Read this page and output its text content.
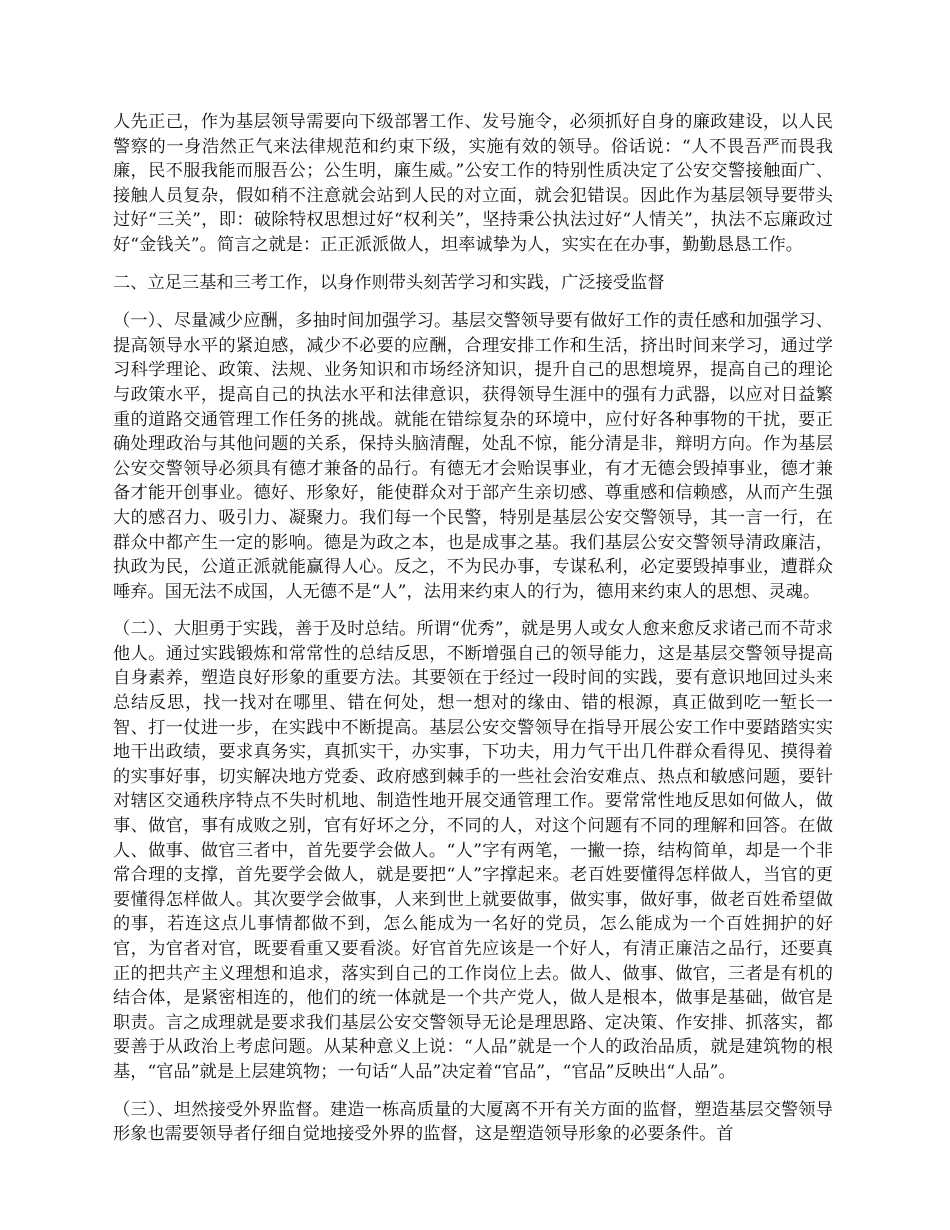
人先正己，作为基层领导需要向下级部署工作、发号施令，必须抓好自身的廉政建设，以人民警察的一身浩然正气来法律规范和约束下级，实施有效的领导。俗话说：“人不畏吾严而畏我廉，民不服我能而服吾公；公生明，廉生威。”公安工作的特别性质决定了公安交警接触面广、接触人员复杂，假如稍不注意就会站到人民的对立面，就会犯错误。因此作为基层领导要带头过好“三关”，即：破除特权思想过好“权利关”，坚持秉公执法过好“人情关”，执法不忘廉政过好“金钱关”。简言之就是：正正派派做人，坦率诚挚为人，实实在在办事，勤勤恳恳工作。

二、立足三基和三考工作，以身作则带头刻苦学习和实践，广泛接受监督

（一）、尽量减少应酬，多抽时间加强学习。基层交警领导要有做好工作的责任感和加强学习、提高领导水平的紧迫感，减少不必要的应酬，合理安排工作和生活，挤出时间来学习，通过学习科学理论、政策、法规、业务知识和市场经济知识，提升自己的思想境界，提高自己的理论与政策水平，提高自己的执法水平和法律意识，获得领导生涯中的强有力武器，以应对日益繁重的道路交通管理工作任务的挑战。就能在错综复杂的环境中，应付好各种事物的干扰，要正确处理政治与其他问题的关系，保持头脑清醒，处乱不惊，能分清是非，辩明方向。作为基层公安交警领导必须具有德才兼备的品行。有德无才会贻误事业，有才无德会毁掉事业，德才兼备才能开创事业。德好、形象好，能使群众对于部产生亲切感、尊重感和信赖感，从而产生强大的感召力、吸引力、凝聚力。我们每一个民警，特别是基层公安交警领导，其一言一行，在群众中都产生一定的影响。德是为政之本，也是成事之基。我们基层公安交警领导清政廉洁，执政为民，公道正派就能赢得人心。反之，不为民办事，专谋私利，必定要毁掉事业，遭群众唾弃。国无法不成国，人无德不是“人”，法用来约束人的行为，德用来约束人的思想、灵魂。

（二）、大胆勇于实践，善于及时总结。所谓“优秀”，就是男人或女人愈来愈反求诸己而不苛求他人。通过实践锻炼和常常性的总结反思，不断增强自己的领导能力，这是基层交警领导提高自身素养，塑造良好形象的重要方法。其要领在于经过一段时间的实践，要有意识地回过头来总结反思，找一找对在哪里、错在何处，想一想对的缘由、错的根源，真正做到吃一堑长一智、打一仗进一步，在实践中不断提高。基层公安交警领导在指导开展公安工作中要踏踏实实地干出政绩，要求真务实，真抓实干，办实事，下功夫，用力气干出几件群众看得见、摸得着的实事好事，切实解决地方党委、政府感到棘手的一些社会治安难点、热点和敏感问题，要针对辖区交通秩序特点不失时机地、制造性地开展交通管理工作。要常常性地反思如何做人，做事、做官，事有成败之别，官有好坏之分，不同的人，对这个问题有不同的理解和回答。在做人、做事、做官三者中，首先要学会做人。“人”字有两笔，一撇一捺，结构简单，却是一个非常合理的支撑，首先要学会做人，就是要把“人”字撑起来。老百姓要懂得怎样做人，当官的更要懂得怎样做人。其次要学会做事，人来到世上就要做事，做实事，做好事，做老百姓希望做的事，若连这点儿事情都做不到，怎么能成为一名好的党员，怎么能成为一个百姓拥护的好官，为官者对官，既要看重又要看淡。好官首先应该是一个好人，有清正廉洁之品行，还要真正的把共产主义理想和追求，落实到自己的工作岗位上去。做人、做事、做官，三者是有机的结合体，是紧密相连的，他们的统一体就是一个共产党人，做人是根本，做事是基础，做官是职责。言之成理就是要求我们基层公安交警领导无论是理思路、定决策、作安排、抓落实，都要善于从政治上考虑问题。从某种意义上说：“人品”就是一个人的政治品质，就是建筑物的根基，“官品”就是上层建筑物；一句话“人品”决定着“官品”，“官品”反映出“人品”。

（三）、坦然接受外界监督。建造一栋高质量的大厦离不开有关方面的监督，塑造基层交警领导形象也需要领导者仔细自觉地接受外界的监督，这是塑造领导形象的必要条件。首
